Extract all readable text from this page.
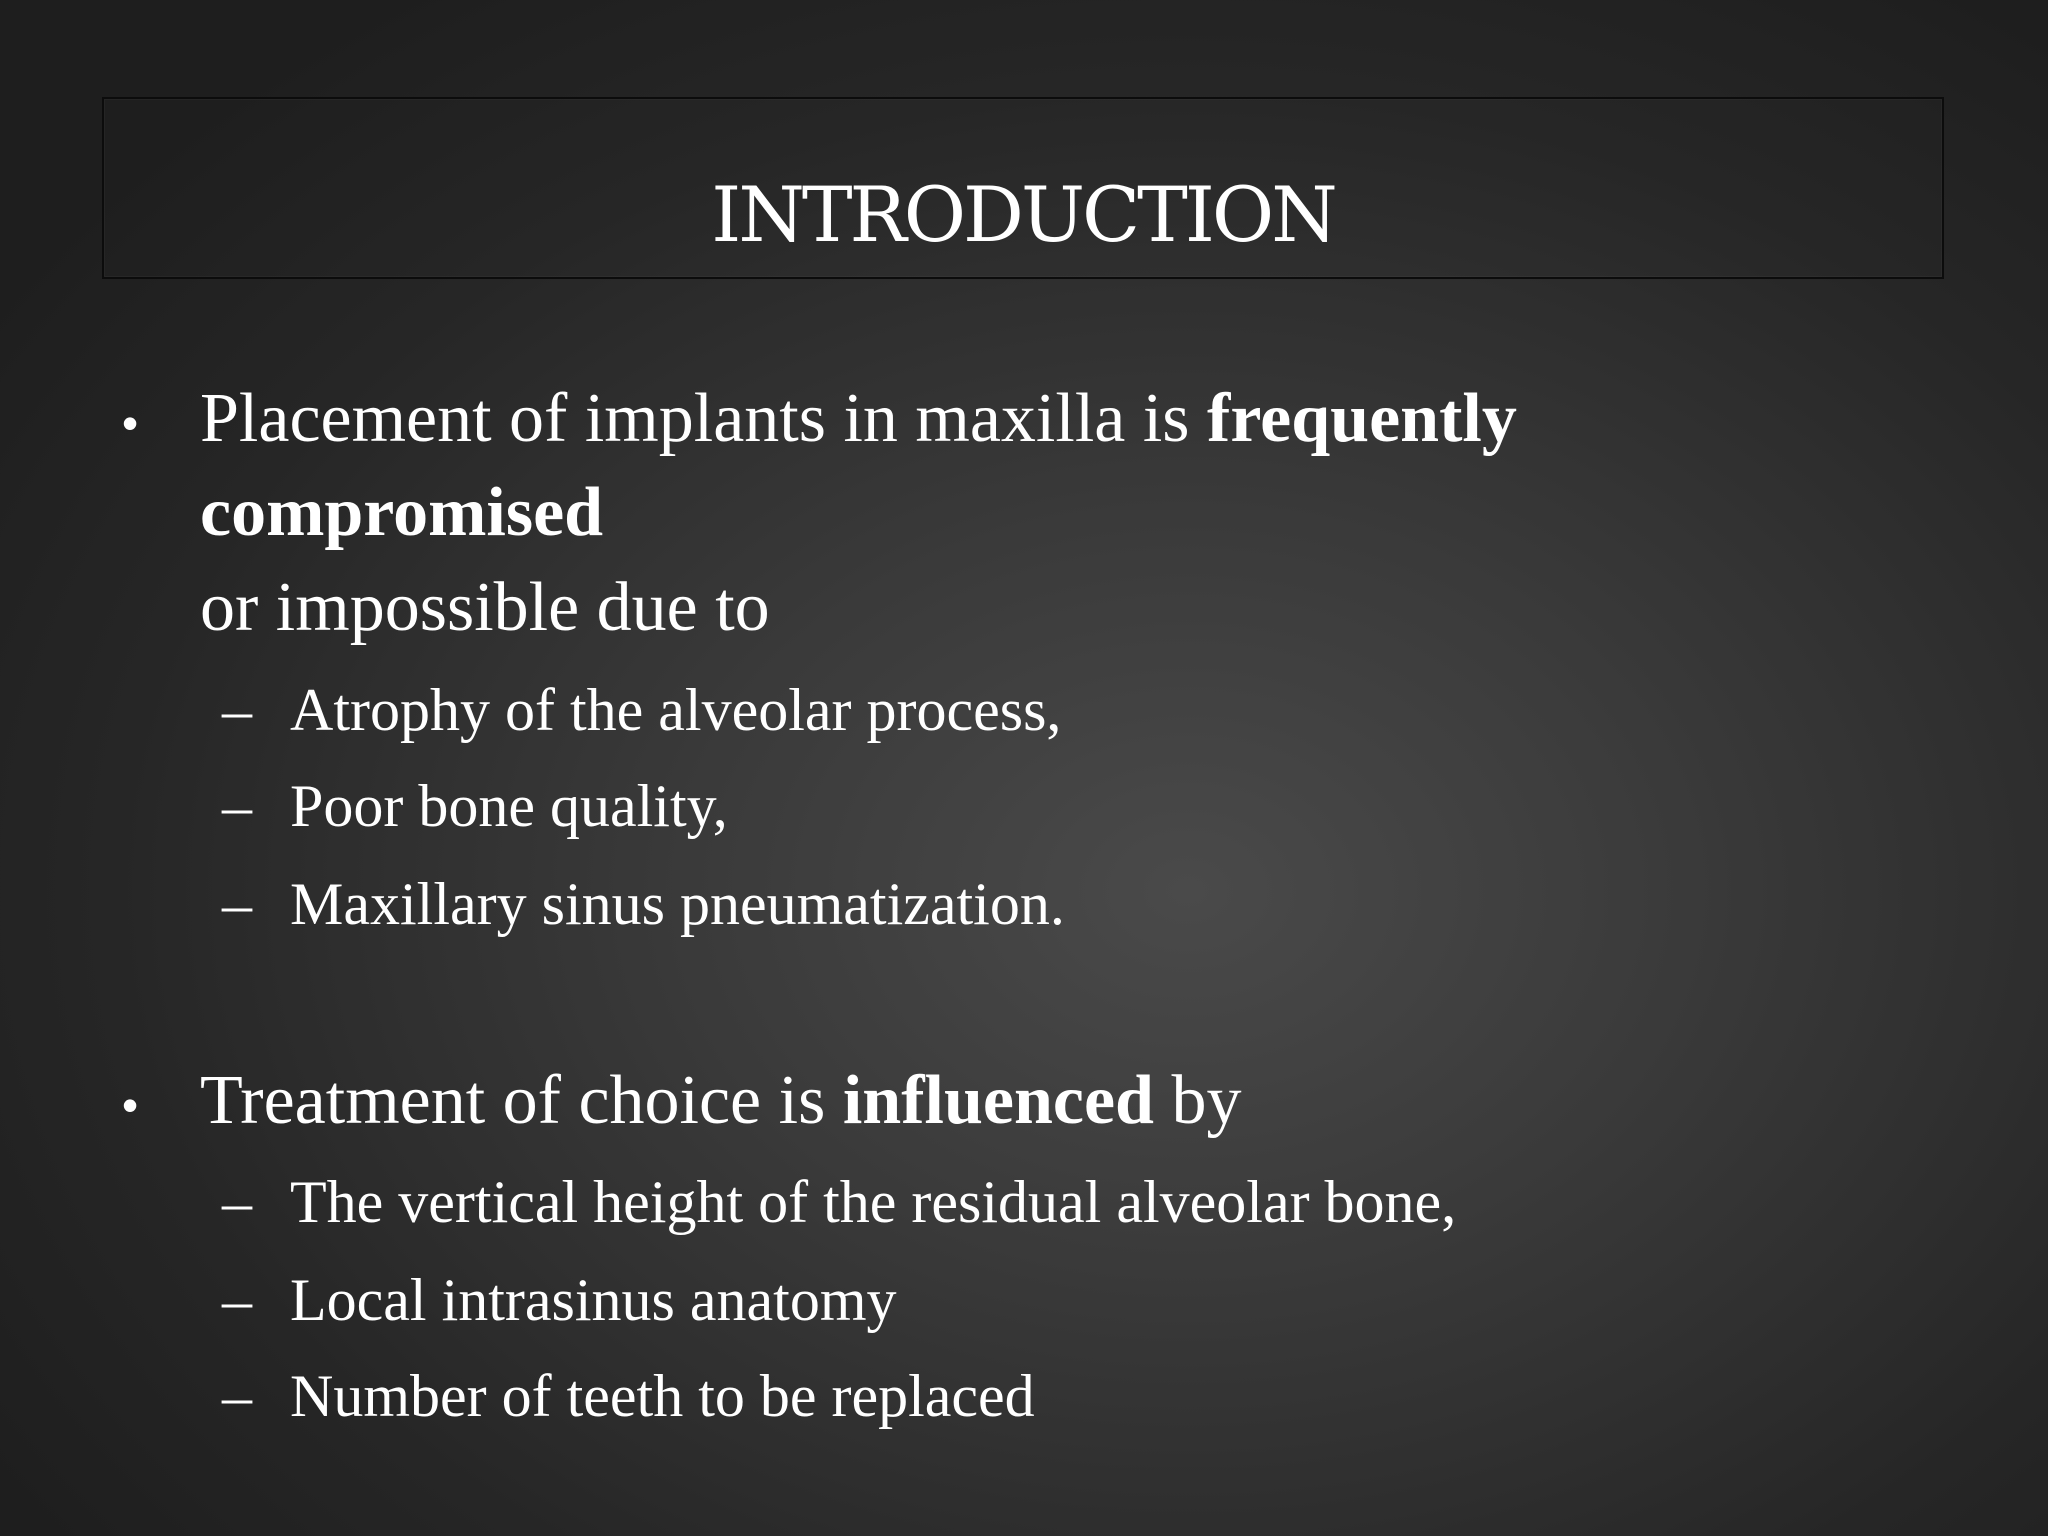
INTRODUCTION
• Placement of implants in maxilla is frequently
compromised
or impossible due to
– Atrophy of the alveolar process,
– Poor bone quality,
– Maxillary sinus pneumatization.
• Treatment of choice is influenced by
– The vertical height of the residual alveolar bone,
– Local intrasinus anatomy
– Number of teeth to be replaced
